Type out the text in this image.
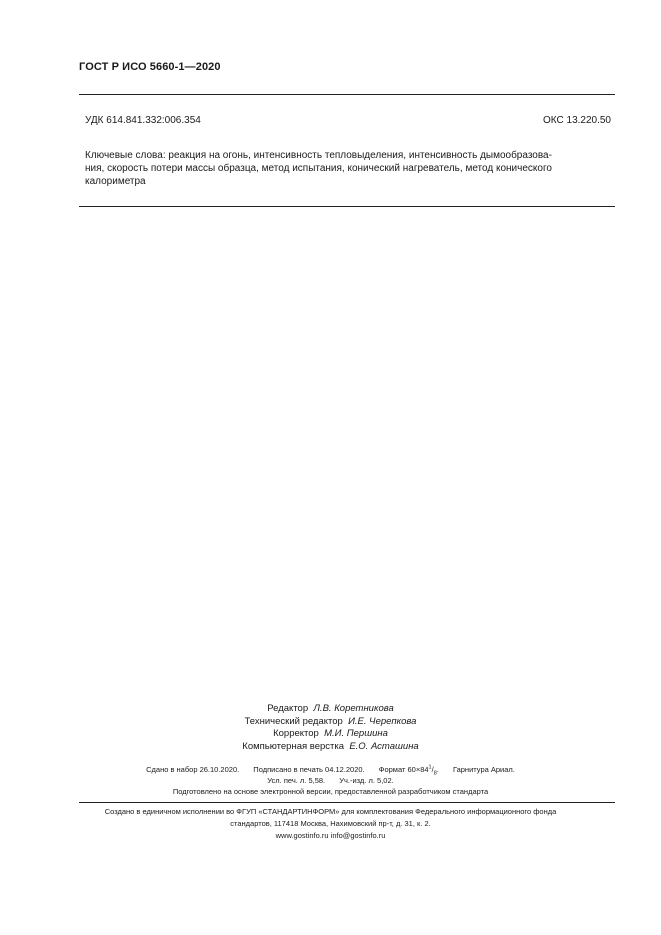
ГОСТ Р ИСО 5660-1—2020
УДК 614.841.332:006.354	ОКС 13.220.50
Ключевые слова: реакция на огонь, интенсивность тепловыделения, интенсивность дымообразова-
ния, скорость потери массы образца, метод испытания, конический нагреватель, метод конического
калориметра
Редактор Л.В. Коретникова
Технический редактор И.Е. Черепкова
Корректор М.И. Першина
Компьютерная верстка Е.О. Асташина
Сдано в набор 26.10.2020. Подписано в печать 04.12.2020. Формат $60\times 84^1/_8$. Гарнитура Ариал.
Усл. печ. л. 5,58. Уч.-изд. л. 5,02.
Подготовлено на основе электронной версии, предоставленной разработчиком стандарта
Создано в единичном исполнении во ФГУП «СТАНДАРТИНФОРМ» для комплектования Федерального информационного фонда
стандартов, 117418 Москва, Нахимовский пр-т, д. 31, к. 2.
www.gostinfo.ru info@gostinfo.ru
